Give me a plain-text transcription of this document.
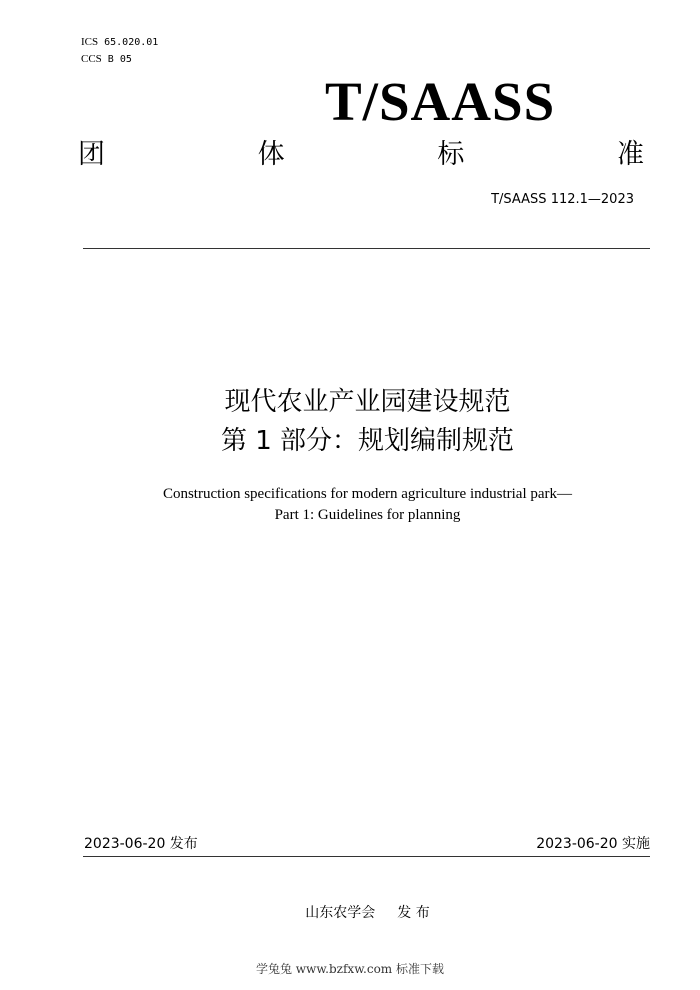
ICS 65.020.01
CCS B 05
T/SAASS
团	体	标	准
T/SAASS 112.1—2023
现代农业产业园建设规范
第 1 部分：规划编制规范
Construction specifications for modern agriculture industrial park—
Part 1: Guidelines for planning
2023-06-20 发布	2023-06-20 实施
山东农学会 发 布
学兔兔 www.bzfxw.com 标准下载
